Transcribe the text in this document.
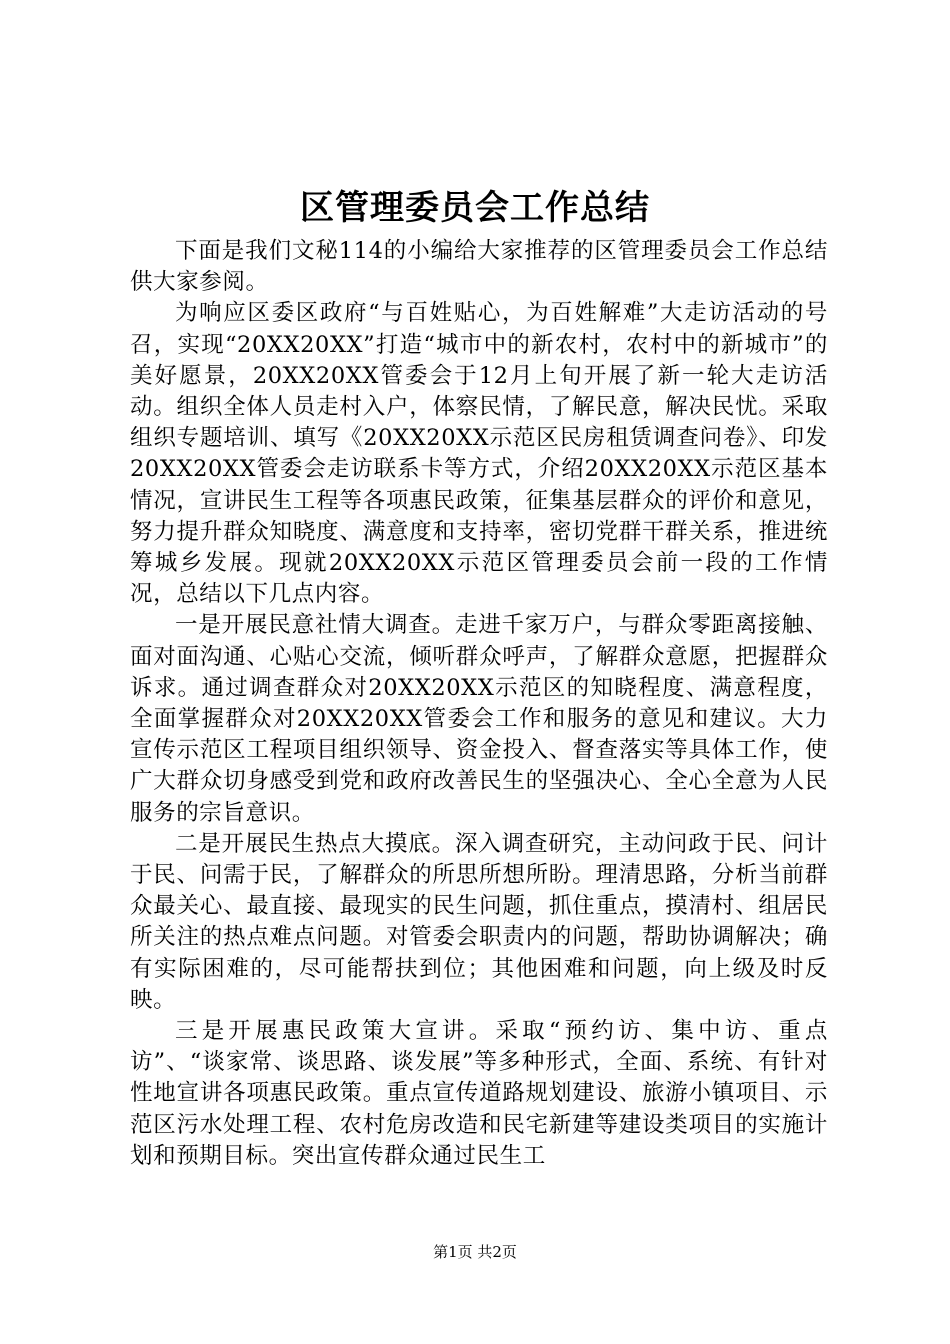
区管理委员会工作总结

下面是我们文秘114的小编给大家推荐的区管理委员会工作总结供大家参阅。

为响应区委区政府“与百姓贴心，为百姓解难”大走访活动的号召，实现“20XX20XX”打造“城市中的新农村，农村中的新城市”的美好愿景，20XX20XX管委会于12月上旬开展了新一轮大走访活动。组织全体人员走村入户，体察民情，了解民意，解决民忧。采取组织专题培训、填写《20XX20XX示范区民房租赁调查问卷》、印发20XX20XX管委会走访联系卡等方式，介绍20XX20XX示范区基本情况，宣讲民生工程等各项惠民政策，征集基层群众的评价和意见，努力提升群众知晓度、满意度和支持率，密切党群干群关系，推进统筹城乡发展。现就20XX20XX示范区管理委员会前一段的工作情况，总结以下几点内容。

一是开展民意社情大调查。走进千家万户，与群众零距离接触、面对面沟通、心贴心交流，倾听群众呼声，了解群众意愿，把握群众诉求。通过调查群众对20XX20XX示范区的知晓程度、满意程度，全面掌握群众对20XX20XX管委会工作和服务的意见和建议。大力宣传示范区工程项目组织领导、资金投入、督查落实等具体工作，使广大群众切身感受到党和政府改善民生的坚强决心、全心全意为人民服务的宗旨意识。

二是开展民生热点大摸底。深入调查研究，主动问政于民、问计于民、问需于民，了解群众的所思所想所盼。理清思路，分析当前群众最关心、最直接、最现实的民生问题，抓住重点，摸清村、组居民所关注的热点难点问题。对管委会职责内的问题，帮助协调解决；确有实际困难的，尽可能帮扶到位；其他困难和问题，向上级及时反映。

三是开展惠民政策大宣讲。采取“预约访、集中访、重点访”、“谈家常、谈思路、谈发展”等多种形式，全面、系统、有针对性地宣讲各项惠民政策。重点宣传道路规划建设、旅游小镇项目、示范区污水处理工程、农村危房改造和民宅新建等建设类项目的实施计划和预期目标。突出宣传群众通过民生工

第1页 共2页
